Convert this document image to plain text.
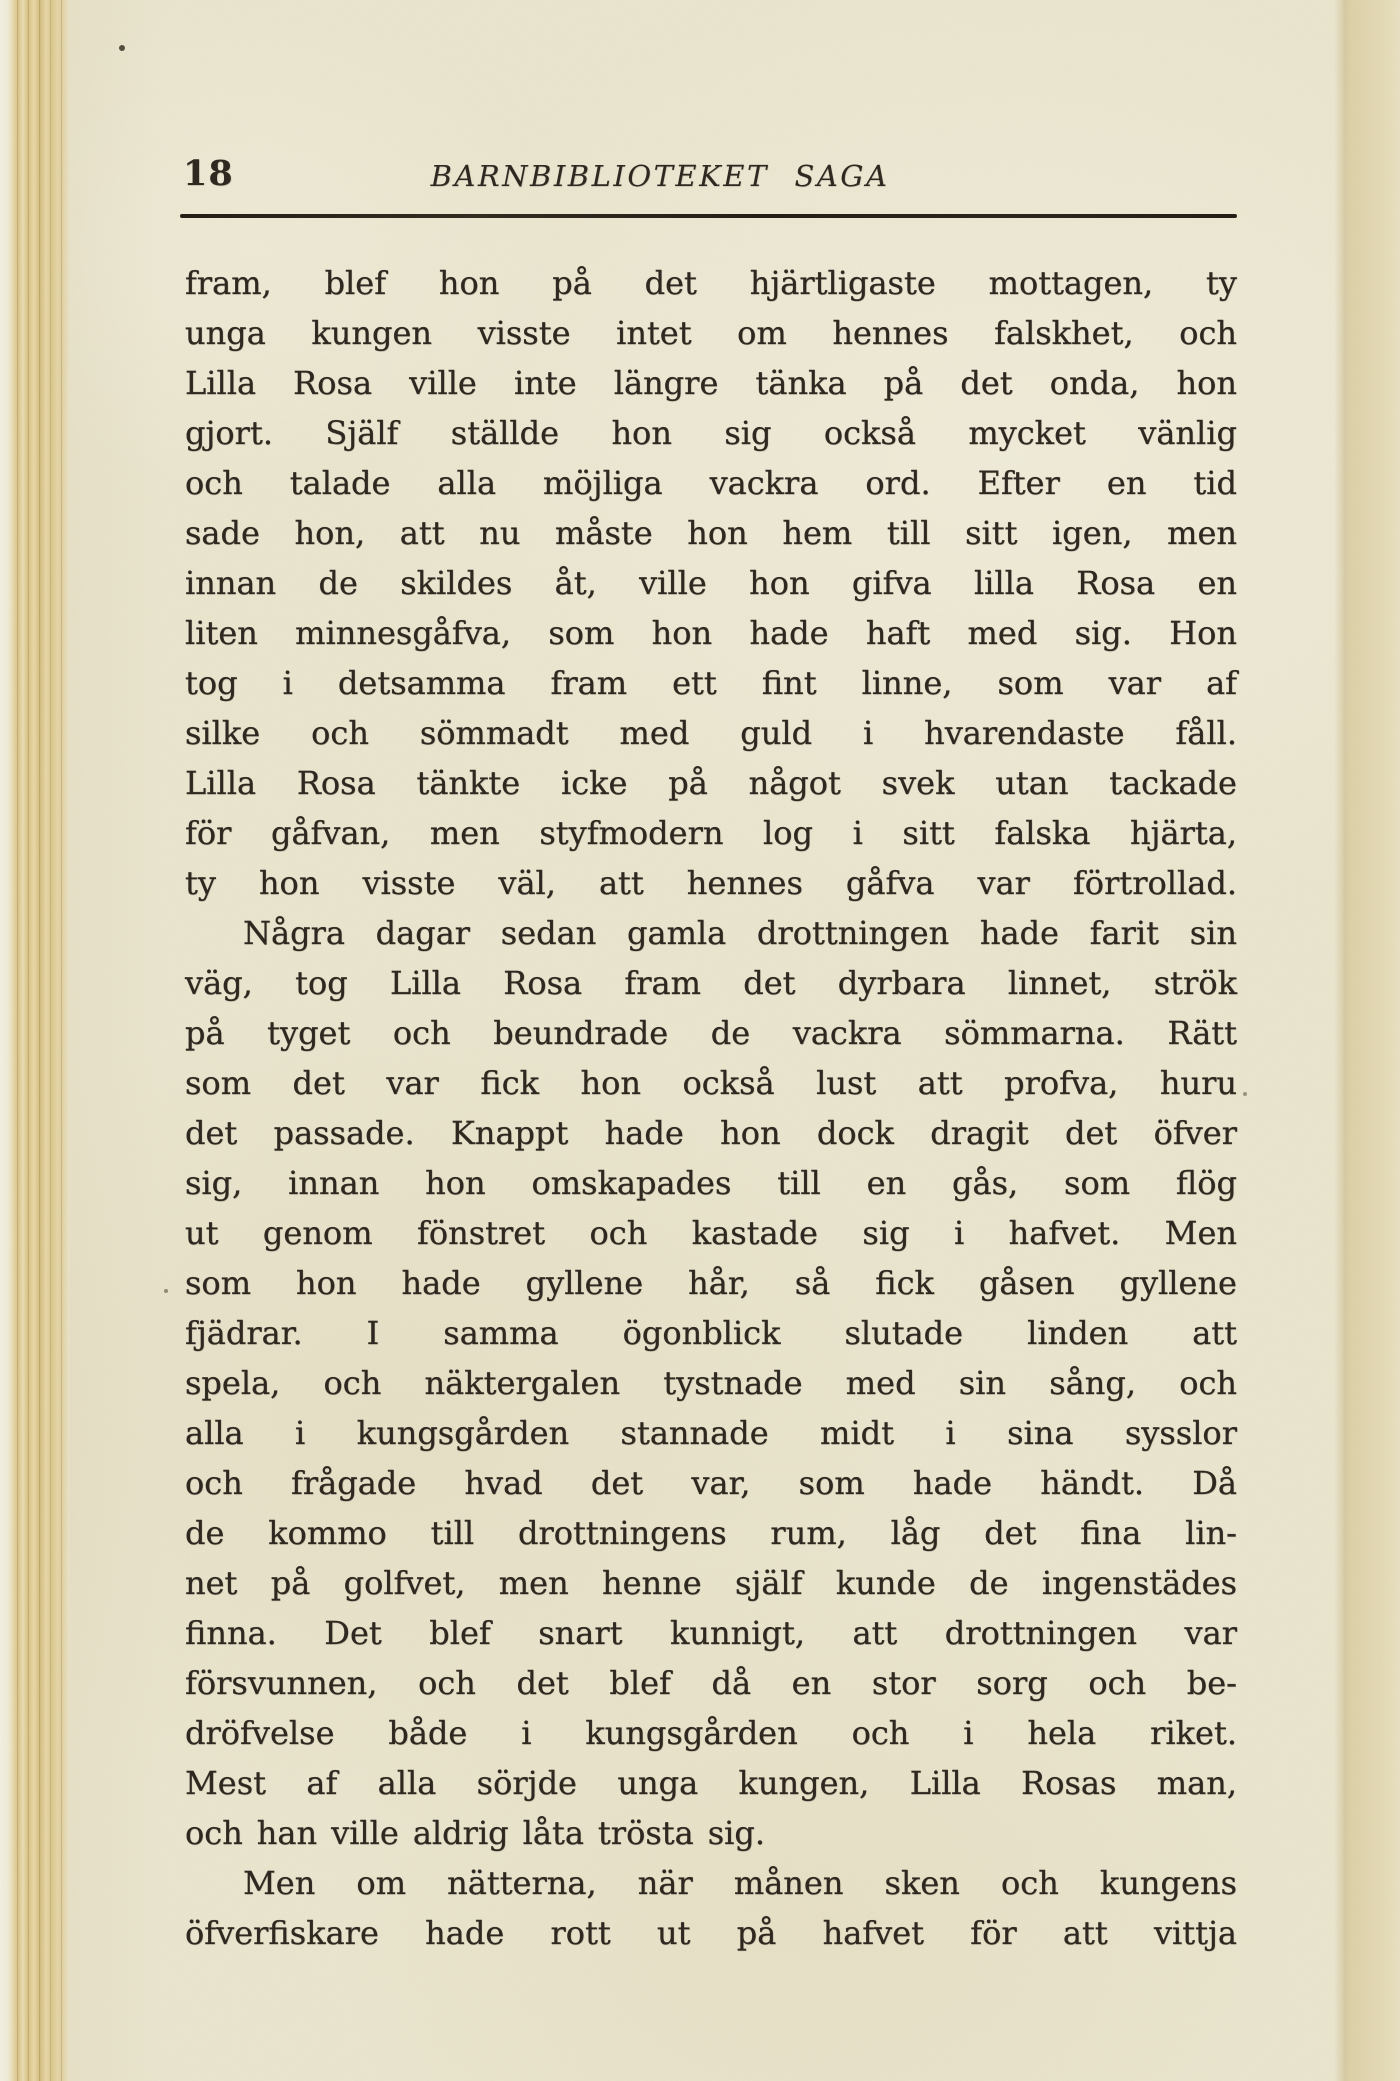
18	BARNBIBLIOTEKET SAGA
fram, blef hon på det hjärtligaste mottagen, ty
unga kungen visste intet om hennes falskhet, och
Lilla Rosa ville inte längre tänka på det onda, hon
gjort. Själf ställde hon sig också mycket vänlig
och talade alla möjliga vackra ord. Efter en tid
sade hon, att nu måste hon hem till sitt igen, men
innan de skildes åt, ville hon gifva lilla Rosa en
liten minnesgåfva, som hon hade haft med sig. Hon
tog i detsamma fram ett fint linne, som var af
silke och sömmadt med guld i hvarendaste fåll.
Lilla Rosa tänkte icke på något svek utan tackade
för gåfvan, men styfmodern log i sitt falska hjärta,
ty hon visste väl, att hennes gåfva var förtrollad.
Några dagar sedan gamla drottningen hade farit sin
väg, tog Lilla Rosa fram det dyrbara linnet, strök
på tyget och beundrade de vackra sömmarna. Rätt
som det var fick hon också lust att profva, huru
det passade. Knappt hade hon dock dragit det öfver
sig, innan hon omskapades till en gås, som flög
ut genom fönstret och kastade sig i hafvet. Men
som hon hade gyllene hår, så fick gåsen gyllene
fjädrar. I samma ögonblick slutade linden att
spela, och näktergalen tystnade med sin sång, och
alla i kungsgården stannade midt i sina sysslor
och frågade hvad det var, som hade händt. Då
de kommo till drottningens rum, låg det fina lin-
net på golfvet, men henne själf kunde de ingenstädes
finna. Det blef snart kunnigt, att drottningen var
försvunnen, och det blef då en stor sorg och be-
dröfvelse både i kungsgården och i hela riket.
Mest af alla sörjde unga kungen, Lilla Rosas man,
och han ville aldrig låta trösta sig.
Men om nätterna, när månen sken och kungens
öfverfiskare hade rott ut på hafvet för att vittja
